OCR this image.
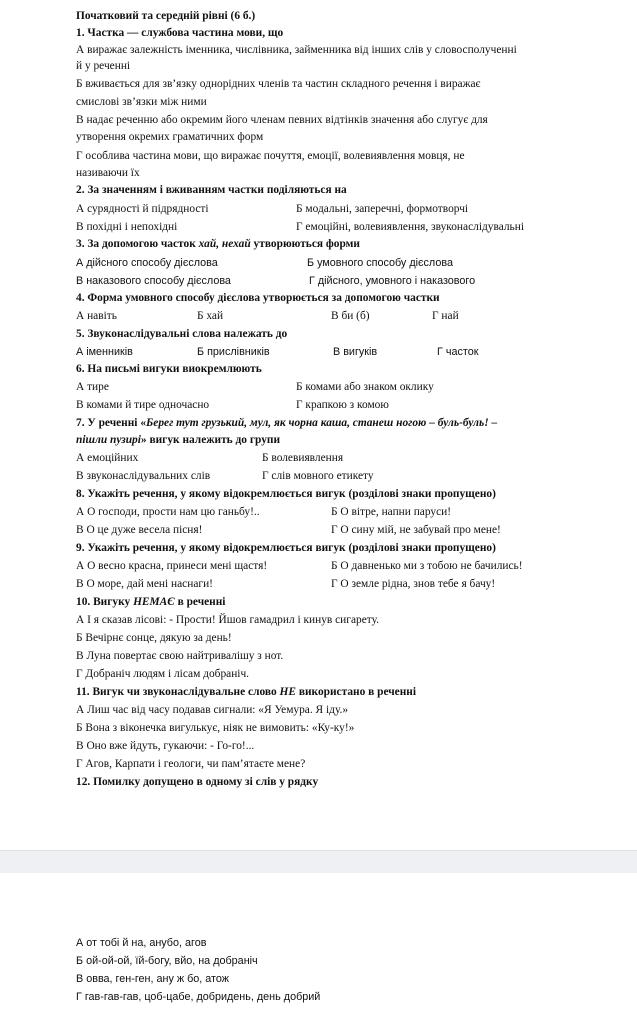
Початковий та середній рівні (6 б.)
1. Частка — службова частина мови, що
А виражає залежність іменника, числівника, займенника від інших слів у словосполученні
й у реченні
Б вживається для зв’язку однорідних членів та частин складного речення і виражає
смислові зв’язки між ними
В надає реченню або окремим його членам певних відтінків значення або слугує для
утворення окремих граматичних форм
Г особлива частина мови, що виражає почуття, емоції, волевиявлення мовця, не
називаючи їх
2. За значенням і вживанням частки поділяються на
А сурядності й підрядності	Б модальні, заперечні, формотворчі
В похідні і непохідні	Г емоційні, волевиявлення, звуконаслідувальні
3. За допомогою часток хай, нехай утворюються форми
А дійсного способу дієслова	Б умовного способу дієслова
В наказового способу дієслова	Г дійсного, умовного і наказового
4. Форма умовного способу дієслова утворюється за допомогою частки
А навіть	Б хай	В би (б)	Г най
5. Звуконаслідувальні слова належать до
А іменників	Б прислівників	В вигуків	Г часток
6. На письмі вигуки виокремлюють
А тире	Б комами або знаком оклику
В комами й тире одночасно	Г крапкою з комою
7. У реченні «Берег тут грузький, мул, як чорна каша, станеш ногою – буль-буль! –
пішли пузирі» вигук належить до групи
А емоційних	Б волевиявлення
В звуконаслідувальних слів	Г слів мовного етикету
8. Укажіть речення, у якому відокремлюється вигук (розділові знаки пропущено)
А О господи, прости нам цю ганьбу!..	Б О вітре, напни паруси!
В О це дуже весела пісня!	Г О сину мій, не забувай про мене!
9. Укажіть речення, у якому відокремлюється вигук (розділові знаки пропущено)
А О весно красна, принеси мені щастя!	Б О давненько ми з тобою не бачились!
В О море, дай мені наснаги!	Г О земле рідна, знов тебе я бачу!
10. Вигуку НЕМАЄ в реченні
А І я сказав лісові: - Прости! Йшов гамадрил і кинув сигарету.
Б Вечірнє сонце, дякую за день!
В Луна повертає свою найтривалішу з нот.
Г Добраніч людям і лісам добраніч.
11. Вигук чи звуконаслідувальне слово НЕ використано в реченні
А Лиш час від часу подавав сигнали: «Я Уемура. Я іду.»
Б Вона з віконечка вигулькує, ніяк не вимовить: «Ку-ку!»
В Оно вже йдуть, гукаючи: - Го-го!...
Г Агов, Карпати і геологи, чи пам’ятаєте мене?
12. Помилку допущено в одному зі слів у рядку
А от тобі й на, анубо, агов
Б ой-ой-ой, їй-богу, вйо, на добраніч
В овва, ген-ген, ану ж бо, атож
Г гав-гав-гав, цоб-цабе, добридень, день добрий
